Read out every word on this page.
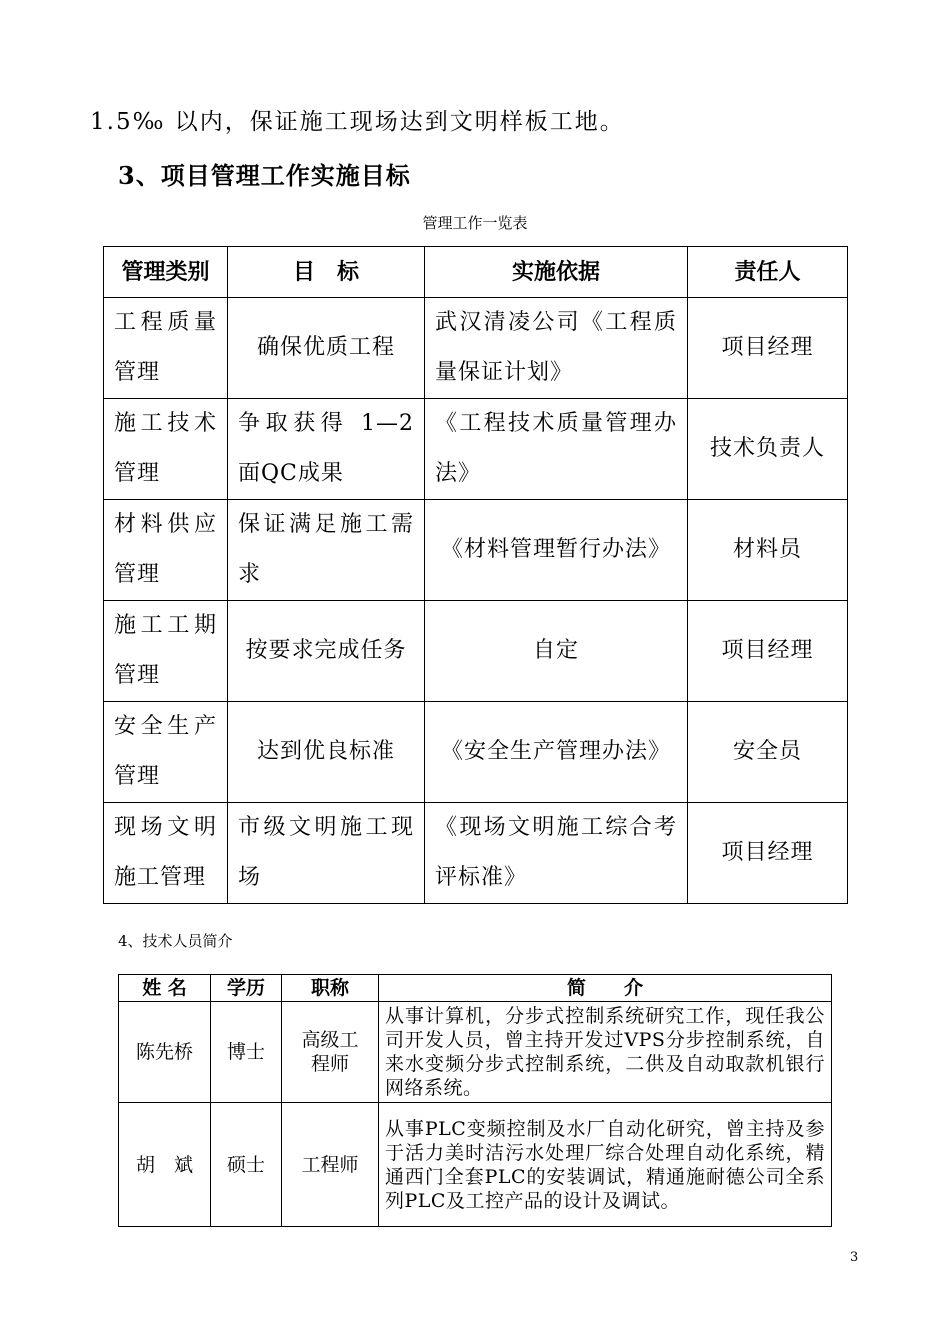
1.5‰ 以内，保证施工现场达到文明样板工地。
3、项目管理工作实施目标
管理工作一览表
管理类别	目　标	实施依据	责任人
工程质量管理	确保优质工程	武汉清凌公司《工程质量保证计划》	项目经理
施工技术管理	争取获得 1—2 面QC成果	《工程技术质量管理办法》	技术负责人
材料供应管理	保证满足施工需求	《材料管理暂行办法》	材料员
施工工期管理	按要求完成任务	自定	项目经理
安全生产管理	达到优良标准	《安全生产管理办法》	安全员
现场文明施工管理	市级文明施工现场	《现场文明施工综合考评标准》	项目经理
4、技术人员简介
姓 名	学历	职称	简　　介
陈先桥	博士	高级工程师	从事计算机，分步式控制系统研究工作，现任我公司开发人员，曾主持开发过VPS分步控制系统，自来水变频分步式控制系统，二供及自动取款机银行网络系统。
胡　斌	硕士	工程师	从事PLC变频控制及水厂自动化研究，曾主持及参于活力美时洁污水处理厂综合处理自动化系统，精通西门全套PLC的安装调试，精通施耐德公司全系列PLC及工控产品的设计及调试。
3
